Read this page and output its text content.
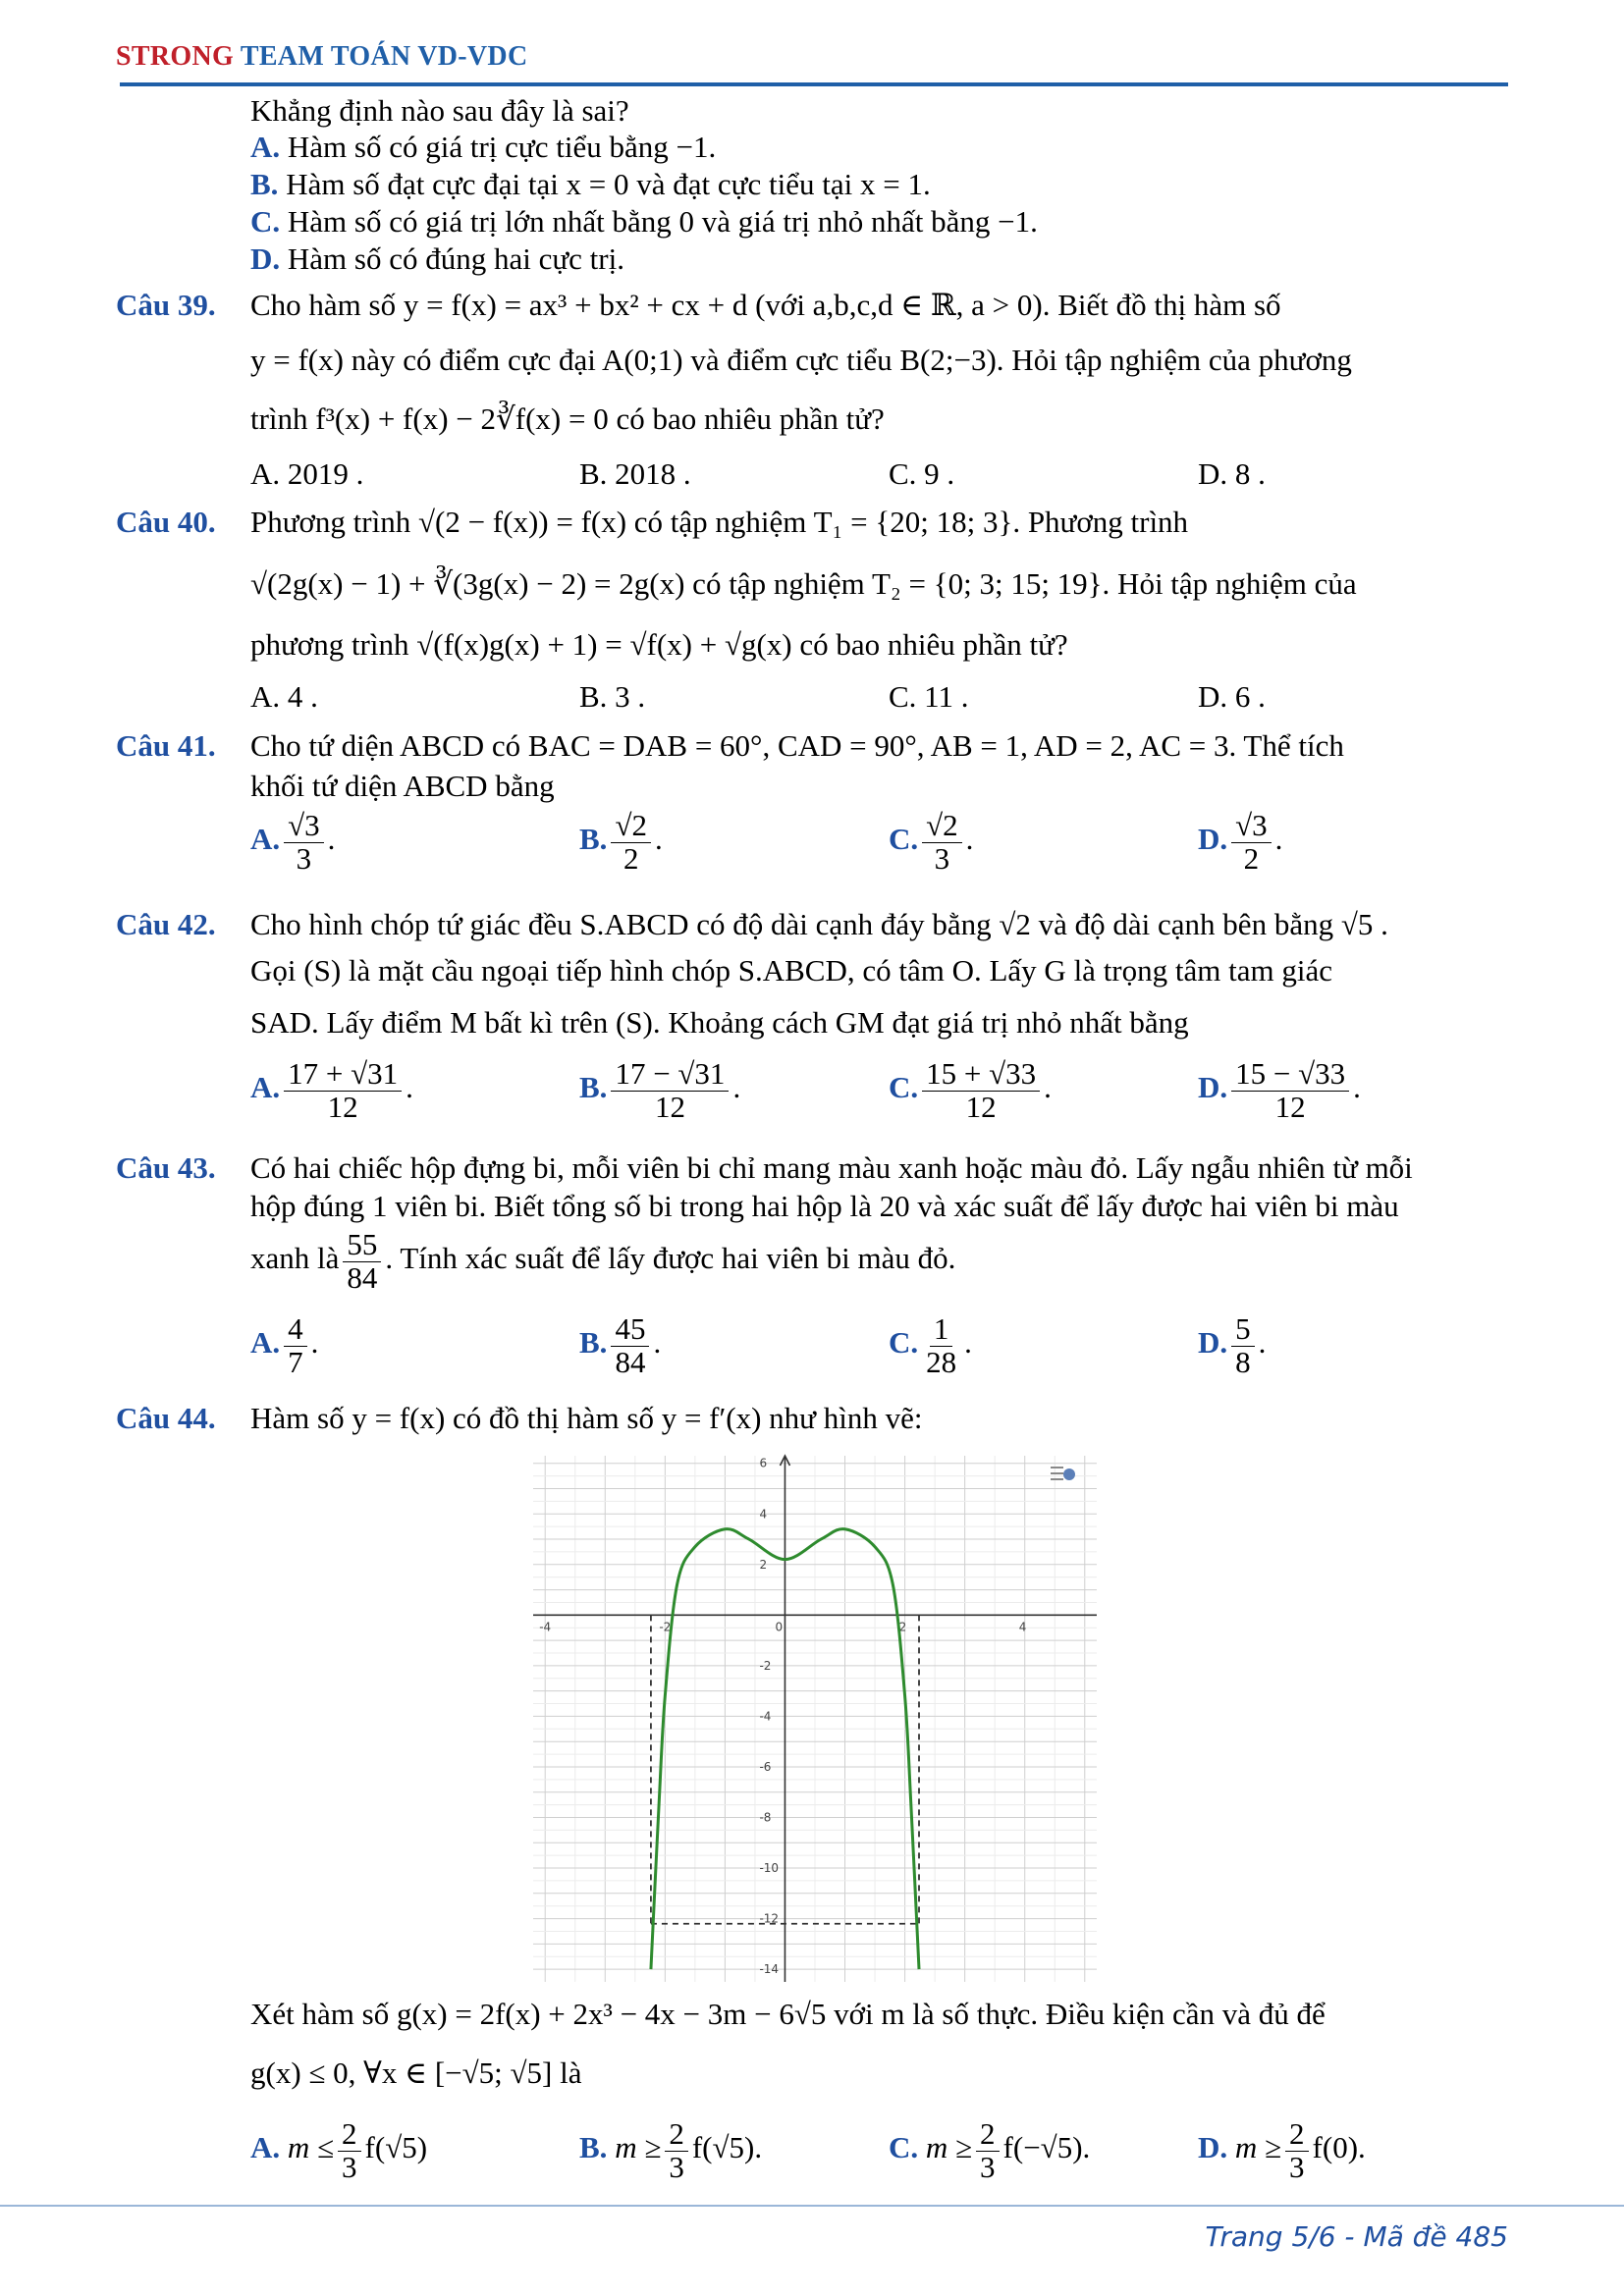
STRONG TEAM TOÁN VD-VDC
Khẳng định nào sau đây là sai?
A. Hàm số có giá trị cực tiểu bằng −1.
B. Hàm số đạt cực đại tại x = 0 và đạt cực tiểu tại x = 1.
C. Hàm số có giá trị lớn nhất bằng 0 và giá trị nhỏ nhất bằng −1.
D. Hàm số có đúng hai cực trị.
Câu 39. Cho hàm số y = f(x) = ax³ + bx² + cx + d (với a,b,c,d ∈ ℝ, a > 0). Biết đồ thị hàm số
y = f(x) này có điểm cực đại A(0;1) và điểm cực tiểu B(2;−3). Hỏi tập nghiệm của phương
trình f³(x) + f(x) − 2∛f(x) = 0 có bao nhiêu phần tử?
A. 2019 .	B. 2018 .	C. 9 .	D. 8 .
Câu 40. Phương trình √(2 − f(x)) = f(x) có tập nghiệm T₁ = {20; 18; 3}. Phương trình
√(2g(x) − 1) + ∛(3g(x) − 2) = 2g(x) có tập nghiệm T₂ = {0; 3; 15; 19}. Hỏi tập nghiệm của
phương trình √(f(x)g(x) + 1) = √f(x) + √g(x) có bao nhiêu phần tử?
A. 4 .	B. 3 .	C. 11 .	D. 6 .
Câu 41. Cho tứ diện ABCD có BAC = DAB = 60°, CAD = 90°, AB = 1, AD = 2, AC = 3. Thể tích
khối tứ diện ABCD bằng
A. $\frac{√3}{3}$ .	B. $\frac{√2}{2}$ .	C. $\frac{√2}{3}$ .	D. $\frac{√3}{2}$ .
Câu 42. Cho hình chóp tứ giác đều S.ABCD có độ dài cạnh đáy bằng √2 và độ dài cạnh bên bằng √5 .
Gọi (S) là mặt cầu ngoại tiếp hình chóp S.ABCD, có tâm O. Lấy G là trọng tâm tam giác
SAD. Lấy điểm M bất kì trên (S). Khoảng cách GM đạt giá trị nhỏ nhất bằng
A. $\frac{17 + √31}{12}$ .	B. $\frac{17 - √31}{12}$ .	C. $\frac{15 + √33}{12}$ .	D. $\frac{15 - √33}{12}$ .
Câu 43. Có hai chiếc hộp đựng bi, mỗi viên bi chỉ mang màu xanh hoặc màu đỏ. Lấy ngẫu nhiên từ mỗi
hộp đúng 1 viên bi. Biết tổng số bi trong hai hộp là 20 và xác suất để lấy được hai viên bi màu
xanh là $\frac{55}{84}$ . Tính xác suất để lấy được hai viên bi màu đỏ.
A. $\frac{4}{7}$ .	B. $\frac{45}{84}$ .	C. $\frac{1}{28}$ .	D. $\frac{5}{8}$ .
Câu 44. Hàm số y = f(x) có đồ thị hàm số y = f′(x) như hình vẽ:
-4	-2	0	2	4
6
4
2
-2
-4
-6
-8
-10
-12
-14
Xét hàm số g(x) = 2f(x) + 2x³ − 4x − 3m − 6√5 với m là số thực. Điều kiện cần và đủ để
g(x) ≤ 0, ∀x ∈ [−√5; √5] là
A. $m \le \frac{2}{3} f(√5)$	B. $m \ge \frac{2}{3} f(√5)$.	C. $m \ge \frac{2}{3} f(-√5)$.	D. $m \ge \frac{2}{3} f(0)$.
Trang 5/6 - Mã đề 485
